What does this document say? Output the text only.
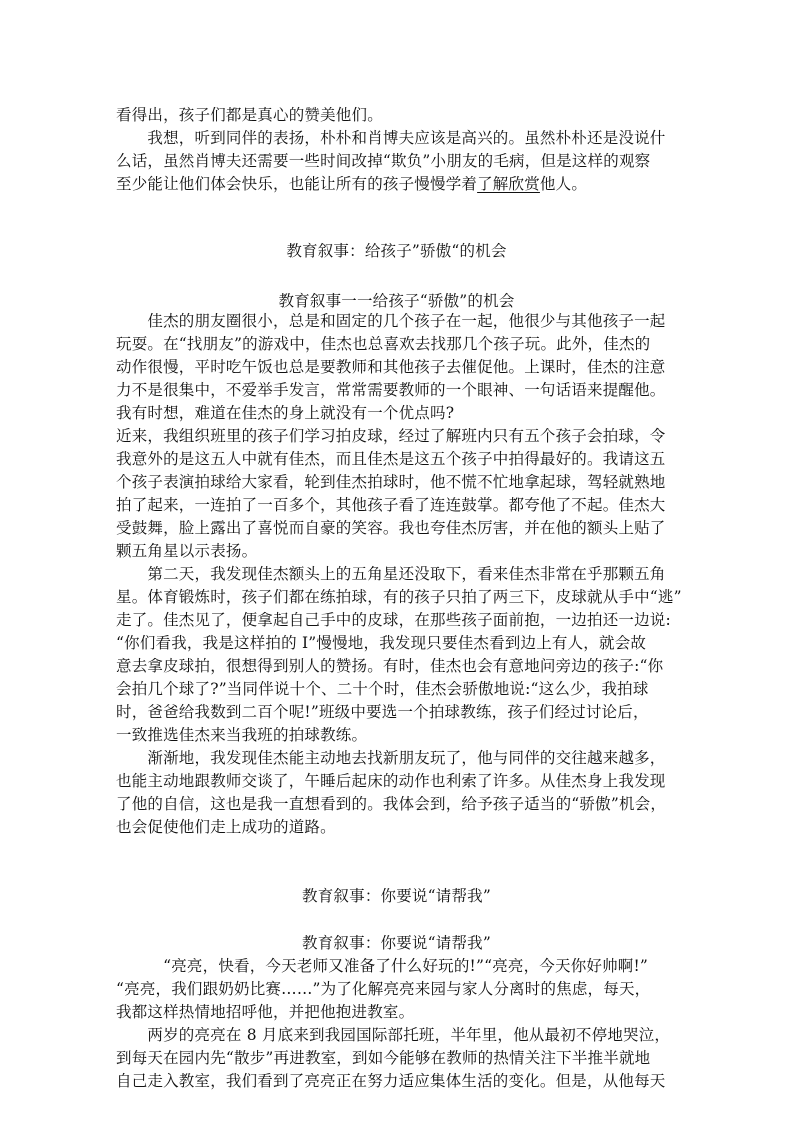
看得出，孩子们都是真心的赞美他们。
　　我想，听到同伴的表扬，朴朴和肖博夫应该是高兴的。虽然朴朴还是没说什
么话，虽然肖博夫还需要一些时间改掉“欺负”小朋友的毛病，但是这样的观察
至少能让他们体会快乐，也能让所有的孩子慢慢学着了解欣赏他人。
教育叙事：给孩子”骄傲“的机会
教育叙事一一给孩子“骄傲”的机会
　　佳杰的朋友圈很小，总是和固定的几个孩子在一起，他很少与其他孩子一起
玩耍。在“找朋友”的游戏中，佳杰也总喜欢去找那几个孩子玩。此外，佳杰的
动作很慢，平时吃午饭也总是要教师和其他孩子去催促他。上课时，佳杰的注意
力不是很集中，不爱举手发言，常常需要教师的一个眼神、一句话语来提醒他。
我有时想，难道在佳杰的身上就没有一个优点吗?
近来，我组织班里的孩子们学习拍皮球，经过了解班内只有五个孩子会拍球，令
我意外的是这五人中就有佳杰，而且佳杰是这五个孩子中拍得最好的。我请这五
个孩子表演拍球给大家看，轮到佳杰拍球时，他不慌不忙地拿起球，驾轻就熟地
拍了起来，一连拍了一百多个，其他孩子看了连连鼓掌。都夸他了不起。佳杰大
受鼓舞，脸上露出了喜悦而自豪的笑容。我也夸佳杰厉害，并在他的额头上贴了
颗五角星以示表扬。
　　第二天，我发现佳杰额头上的五角星还没取下，看来佳杰非常在乎那颗五角
星。体育锻炼时，孩子们都在练拍球，有的孩子只拍了两三下，皮球就从手中“逃”
走了。佳杰见了，便拿起自己手中的皮球，在那些孩子面前抱，一边拍还一边说:
“你们看我，我是这样拍的 I”慢慢地，我发现只要佳杰看到边上有人，就会故
意去拿皮球拍，很想得到别人的赞扬。有时，佳杰也会有意地问旁边的孩子:“你
会拍几个球了?”当同伴说十个、二十个时，佳杰会骄傲地说:“这么少，我拍球
时，爸爸给我数到二百个呢!”班级中要选一个拍球教练，孩子们经过讨论后，
一致推选佳杰来当我班的拍球教练。
　　渐渐地，我发现佳杰能主动地去找新朋友玩了，他与同伴的交往越来越多，
也能主动地跟教师交谈了，午睡后起床的动作也利索了许多。从佳杰身上我发现
了他的自信，这也是我一直想看到的。我体会到，给予孩子适当的“骄傲”机会，
也会促使他们走上成功的道路。
教育叙事：你要说“请帮我”
教育叙事：你要说“请帮我”
　　　“亮亮，快看，今天老师又准备了什么好玩的!”“亮亮，今天你好帅啊!”
“亮亮，我们跟奶奶比赛……”为了化解亮亮来园与家人分离时的焦虑，每天，
我都这样热情地招呼他，并把他抱进教室。
　　两岁的亮亮在 8 月底来到我园国际部托班，半年里，他从最初不停地哭泣，
到每天在园内先“散步”再进教室，到如今能够在教师的热情关注下半推半就地
自己走入教室，我们看到了亮亮正在努力适应集体生活的变化。但是，从他每天
